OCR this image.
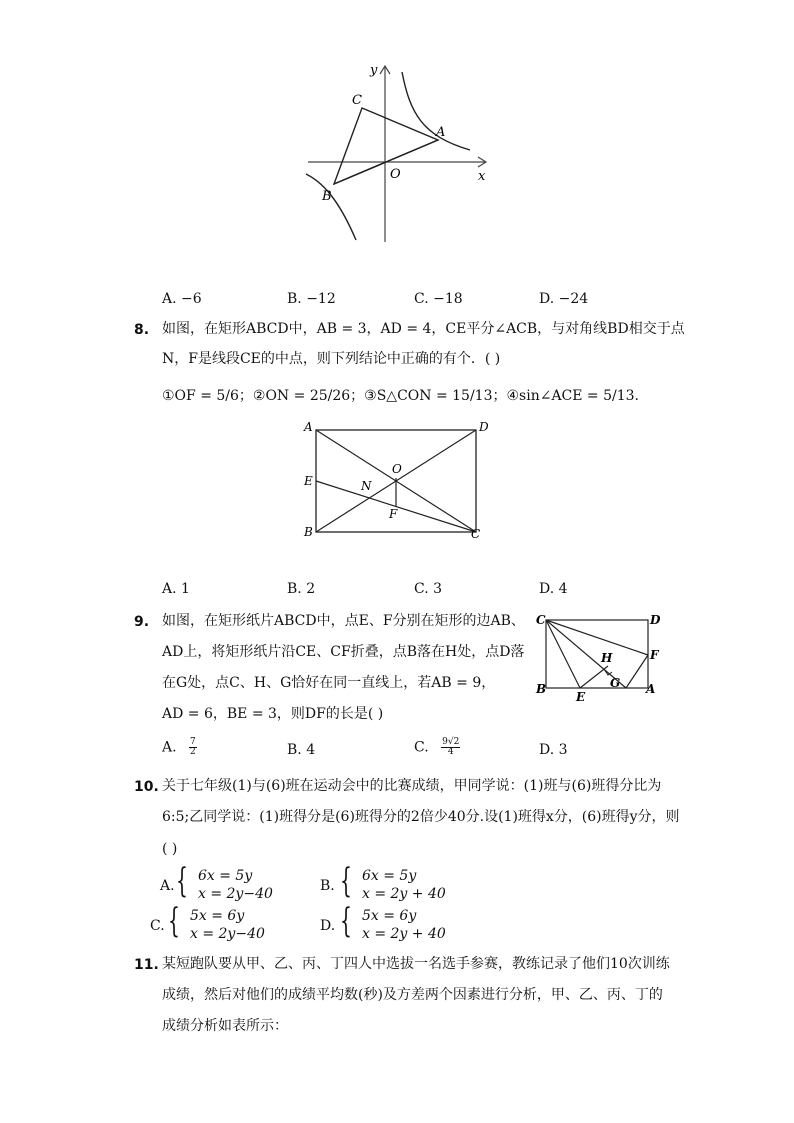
y
x
C
A
O
B
A. −6	B. −12	C. −18	D. −24
8. 如图，在矩形ABCD中，AB = 3，AD = 4，CE平分∠ACB，与对角线BD相交于点
N，F是线段CE的中点，则下列结论中正确的有个．( )
①OF = 5/6；②ON = 25/26；③S△CON = 15/13；④sin∠ACE = 5/13.
A	D
E
O
N
F
B	C
A. 1	B. 2	C. 3	D. 4
9. 如图，在矩形纸片ABCD中，点E、F分别在矩形的边AB、
AD上，将矩形纸片沿CE、CF折叠，点B落在H处，点D落
在G处，点C、H、G恰好在同一直线上，若AB = 9，
AD = 6，BE = 3，则DF的长是( )
C	D
H	F
B
E
G A
A. $\frac{7}{2}$	B. 4	C. $\frac{9√2}{4}$	D. 3
10. 关于七年级(1)与(6)班在运动会中的比赛成绩，甲同学说：(1)班与(6)班得分比为
6:5;乙同学说：(1)班得分是(6)班得分的2倍少40分.设(1)班得x分，(6)班得y分，则
( )
A. { 6x = 5y
x = 2y−40	B. { 6x = 5y
x = 2y + 40
C. { 5x = 6y
x = 2y−40	D. { 5x = 6y
x = 2y + 40
11. 某短跑队要从甲、乙、丙、丁四人中选拔一名选手参赛，教练记录了他们10次训练
成绩，然后对他们的成绩平均数(秒)及方差两个因素进行分析，甲、乙、丙、丁的
成绩分析如表所示：
